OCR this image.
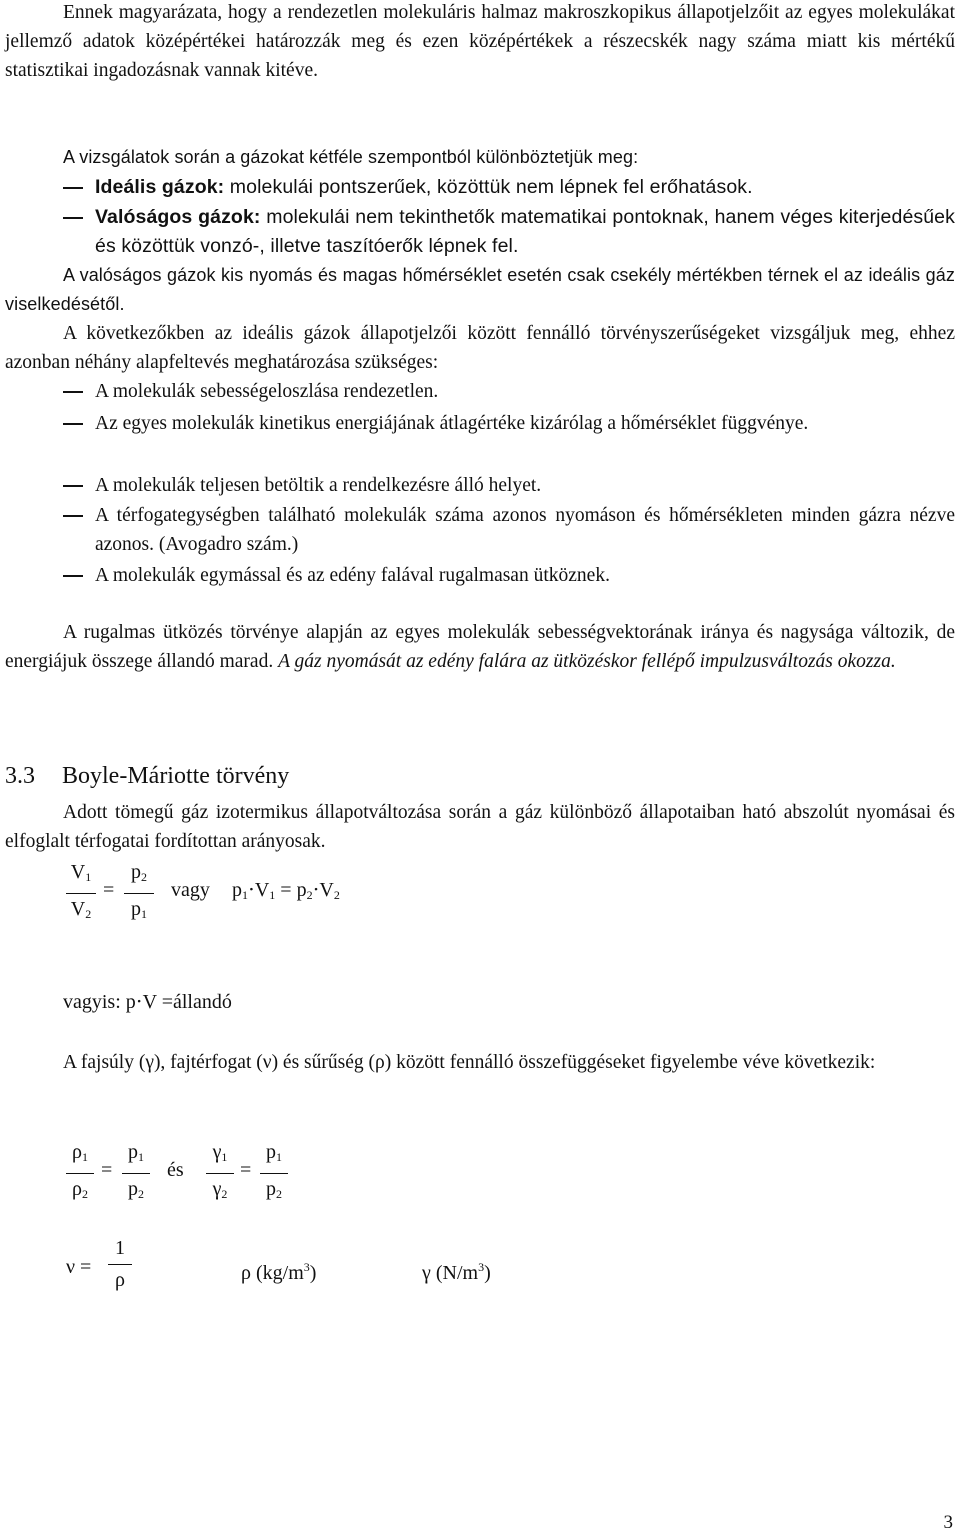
Ennek magyarázata, hogy a rendezetlen molekuláris halmaz makroszkopikus állapotjelzőit az egyes molekulákat jellemző adatok középértékei határozzák meg és ezen középértékek a részecskék nagy száma miatt kis mértékű statisztikai ingadozásnak vannak kitéve.

A vizsgálatok során a gázokat kétféle szempontból különböztetjük meg:

Ideális gázok: molekulái pontszerűek, közöttük nem lépnek fel erőhatások.
Valóságos gázok: molekulái nem tekinthetők matematikai pontoknak, hanem véges kiterjedésűek és közöttük vonzó-, illetve taszítóerők lépnek fel.

A valóságos gázok kis nyomás és magas hőmérséklet esetén csak csekély mértékben térnek el az ideális gáz viselkedésétől.

A következőkben az ideális gázok állapotjelzői között fennálló törvényszerűségeket vizsgáljuk meg, ehhez azonban néhány alapfeltevés meghatározása szükséges:

A molekulák sebességeloszlása rendezetlen.
Az egyes molekulák kinetikus energiájának átlagértéke kizárólag a hőmérséklet függvénye.
A molekulák teljesen betöltik a rendelkezésre álló helyet.
A térfogategységben található molekulák száma azonos nyomáson és hőmérsékleten minden gázra nézve azonos. (Avogadro szám.)
A molekulák egymással és az edény falával rugalmasan ütköznek.

A rugalmas ütközés törvénye alapján az egyes molekulák sebességvektorának iránya és nagysága változik, de energiájuk összege állandó marad. A gáz nyomását az edény falára az ütközéskor fellépő impulzusváltozás okozza.

3.3 Boyle-Máriotte törvény

Adott tömegű gáz izotermikus állapotváltozása során a gáz különböző állapotaiban ható abszolút nyomásai és elfoglalt térfogatai fordítottan arányosak.

$V_1$
$V_2$
=
$p_2$
$p_1$
vagy $p_1\cdot V_1 = p_2\cdot V_2$
vagyis: p⋅V =állandó

A fajsúly (γ), fajtérfogat (ν) és sűrűség (ρ) között fennálló összefüggéseket figyelembe véve következik:

$\rho_1$
$\rho_2$
=
$p_1$
$p_2$
és
$\gamma_1$
$\gamma_2$
=
$p_1$
$p_2$
ν =
1
ρ	ρ $(kg/m^3)$	γ $(N/m^3)$
3
